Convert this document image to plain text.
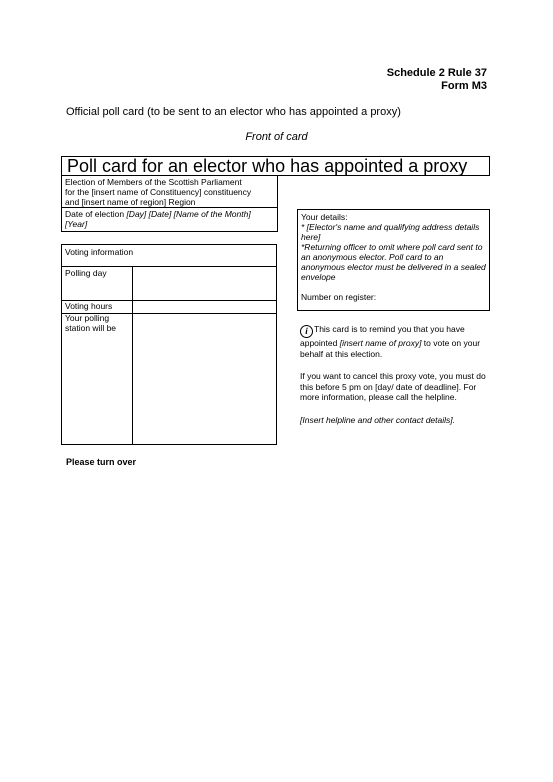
Schedule 2 Rule 37
Form M3
Official poll card (to be sent to an elector who has appointed a proxy)
Front of card
Poll card for an elector who has appointed a proxy
Election of Members of the Scottish Parliament
for the [insert name of Constituency] constituency
and [insert name of region] Region
Date of election [Day] [Date] [Name of the Month]
[Year]
Voting information
Polling day
Voting hours
Your polling
station will be

Your details:

* [Elector's name and qualifying address details here]

*Returning officer to omit where poll card sent to an anonymous elector. Poll card to an anonymous elector must be delivered in a sealed envelope

Number on register:

i This card is to remind you that you have appointed [insert name of proxy] to vote on your behalf at this election.

If you want to cancel this proxy vote, you must do this before 5 pm on [day/ date of deadline]. For more information, please call the helpline.

[Insert helpline and other contact details].

Please turn over
